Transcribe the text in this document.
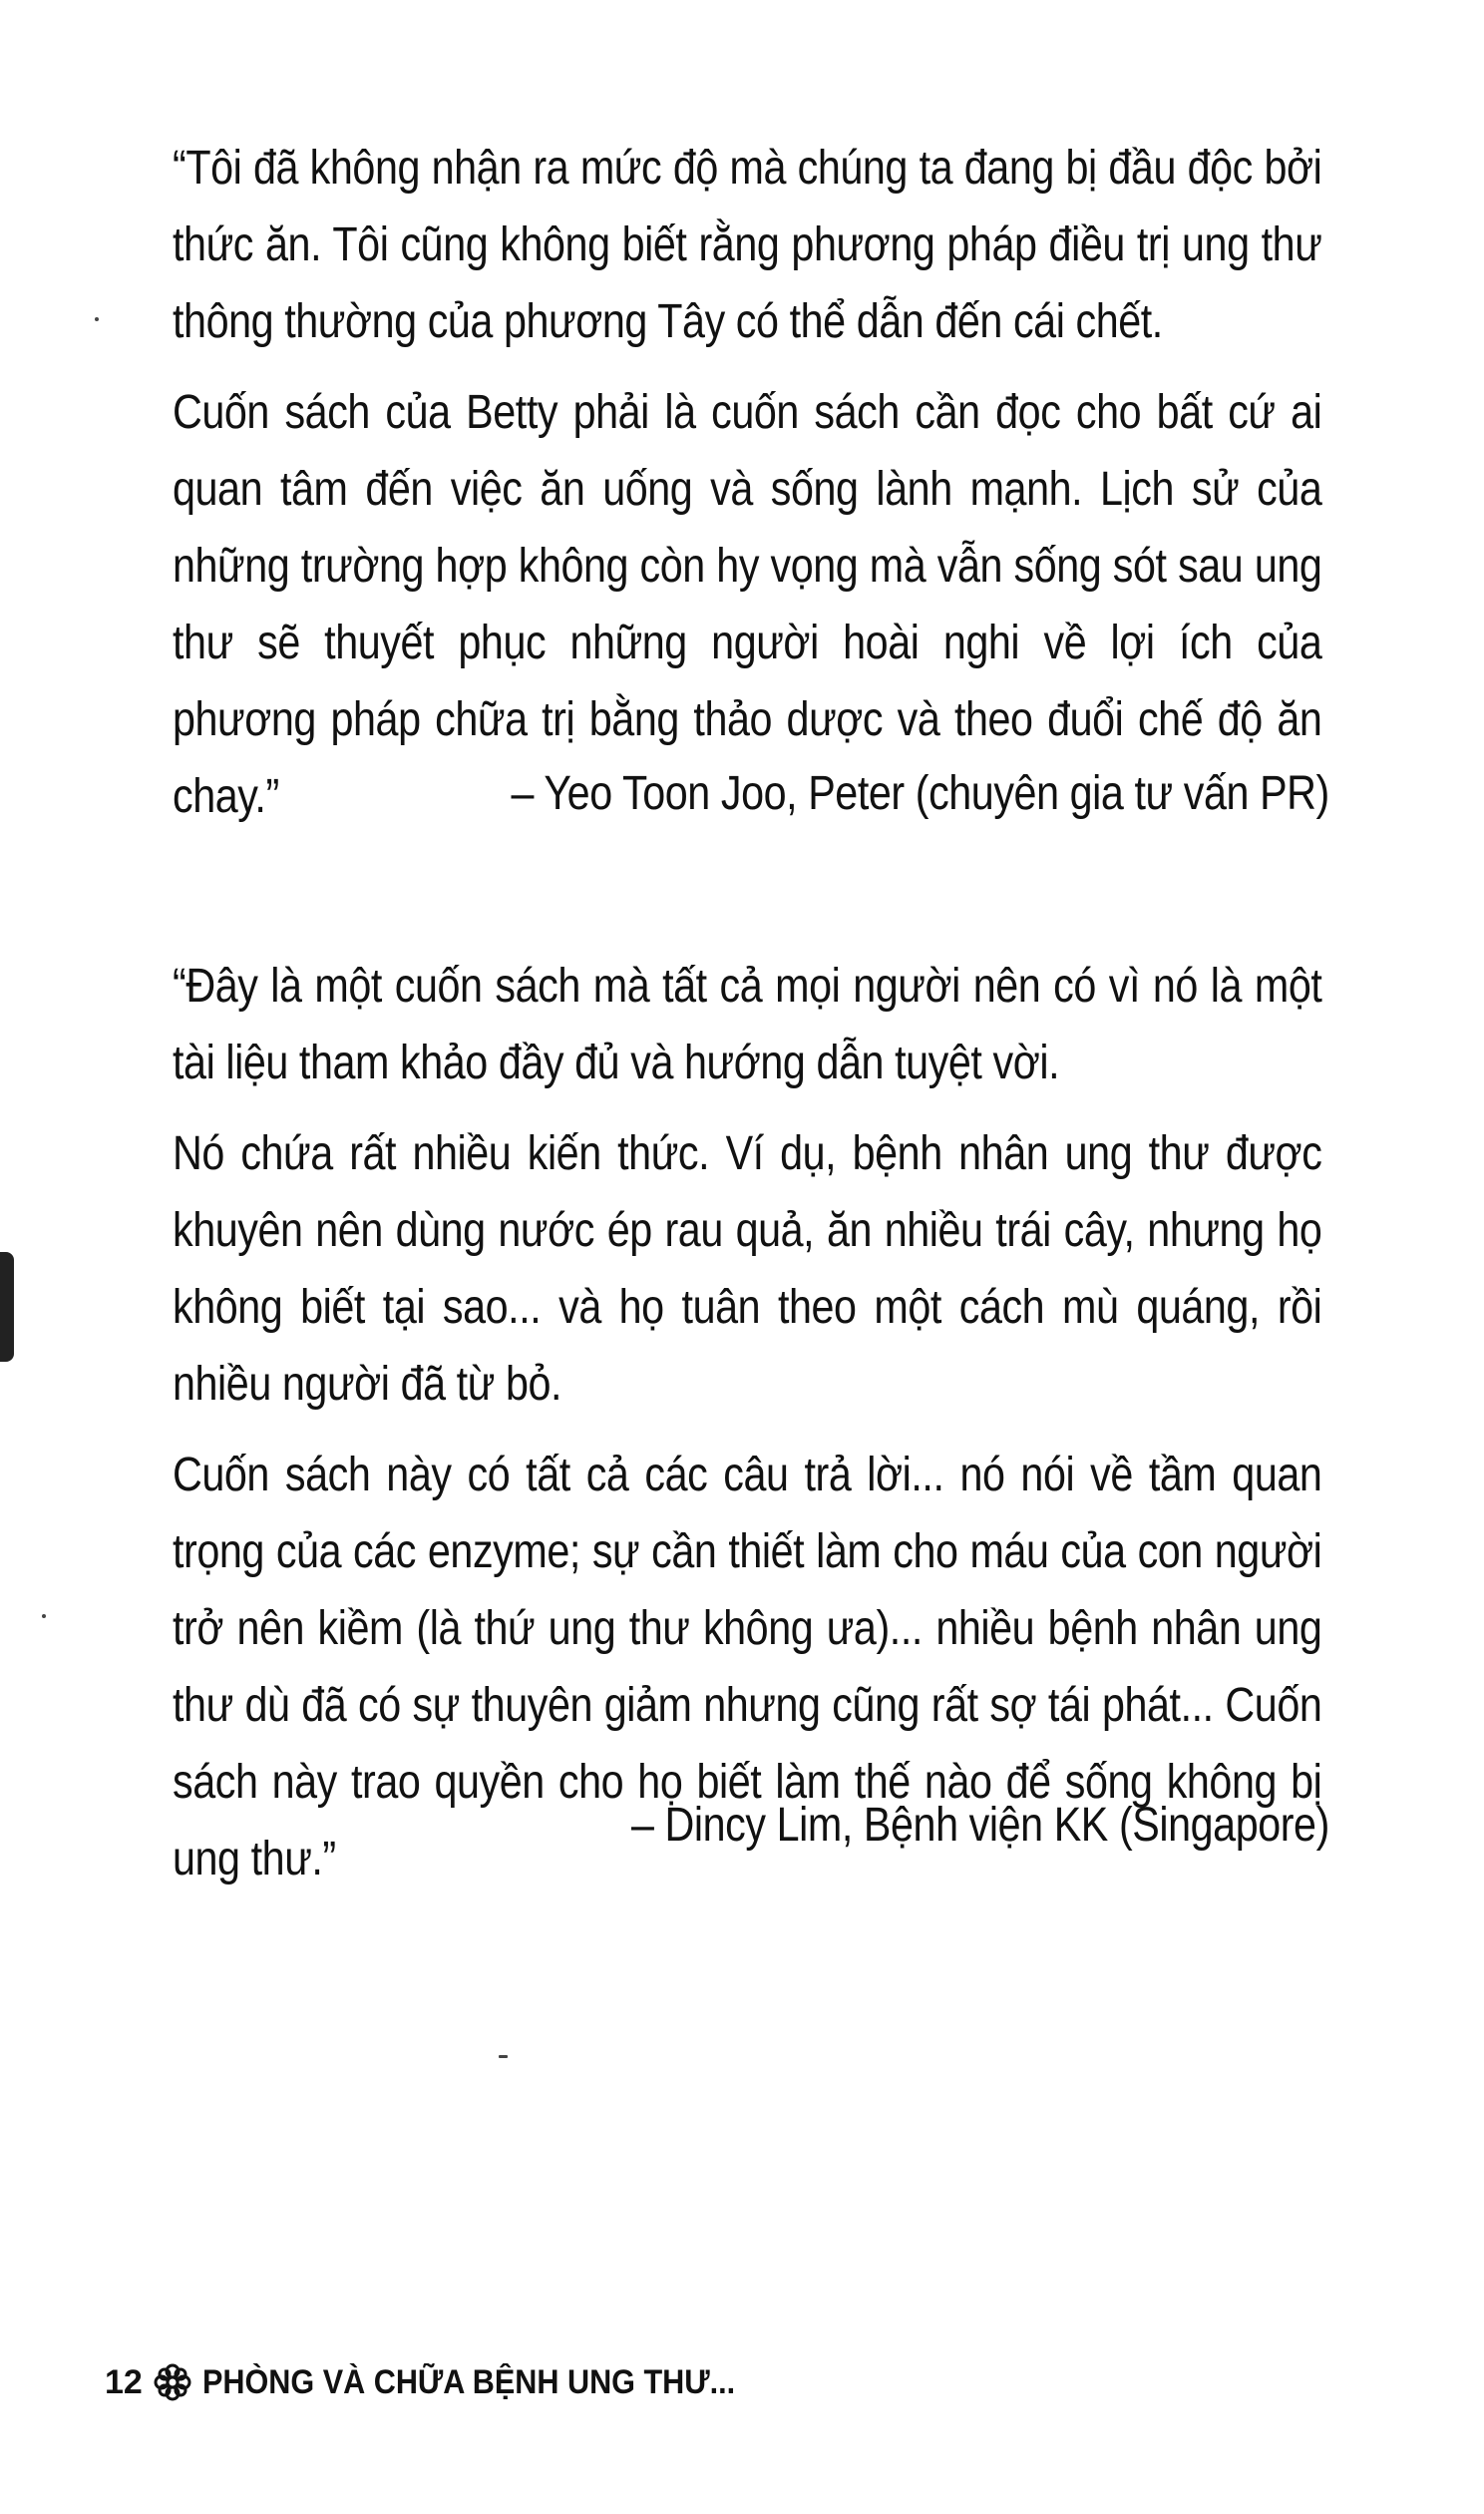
“Tôi đã không nhận ra mức độ mà chúng ta đang bị đầu độc bởi thức ăn. Tôi cũng không biết rằng phương pháp điều trị ung thư thông thường của phương Tây có thể dẫn đến cái chết.

Cuốn sách của Betty phải là cuốn sách cần đọc cho bất cứ ai quan tâm đến việc ăn uống và sống lành mạnh. Lịch sử của những trường hợp không còn hy vọng mà vẫn sống sót sau ung thư sẽ thuyết phục những người hoài nghi về lợi ích của phương pháp chữa trị bằng thảo dược và theo đuổi chế độ ăn chay.”	– Yeo Toon Joo, Peter (chuyên gia tư vấn PR)

“Đây là một cuốn sách mà tất cả mọi người nên có vì nó là một tài liệu tham khảo đầy đủ và hướng dẫn tuyệt vời.

Nó chứa rất nhiều kiến thức. Ví dụ, bệnh nhân ung thư được khuyên nên dùng nước ép rau quả, ăn nhiều trái cây, nhưng họ không biết tại sao... và họ tuân theo một cách mù quáng, rồi nhiều người đã từ bỏ.

Cuốn sách này có tất cả các câu trả lời... nó nói về tầm quan trọng của các enzyme; sự cần thiết làm cho máu của con người trở nên kiềm (là thứ ung thư không ưa)... nhiều bệnh nhân ung thư dù đã có sự thuyên giảm nhưng cũng rất sợ tái phát... Cuốn sách này trao quyền cho họ biết làm thế nào để sống không bị ung thư.”

– Dincy Lim, Bệnh viện KK (Singapore)
12 PHÒNG VÀ CHỮA BỆNH UNG THƯ...
